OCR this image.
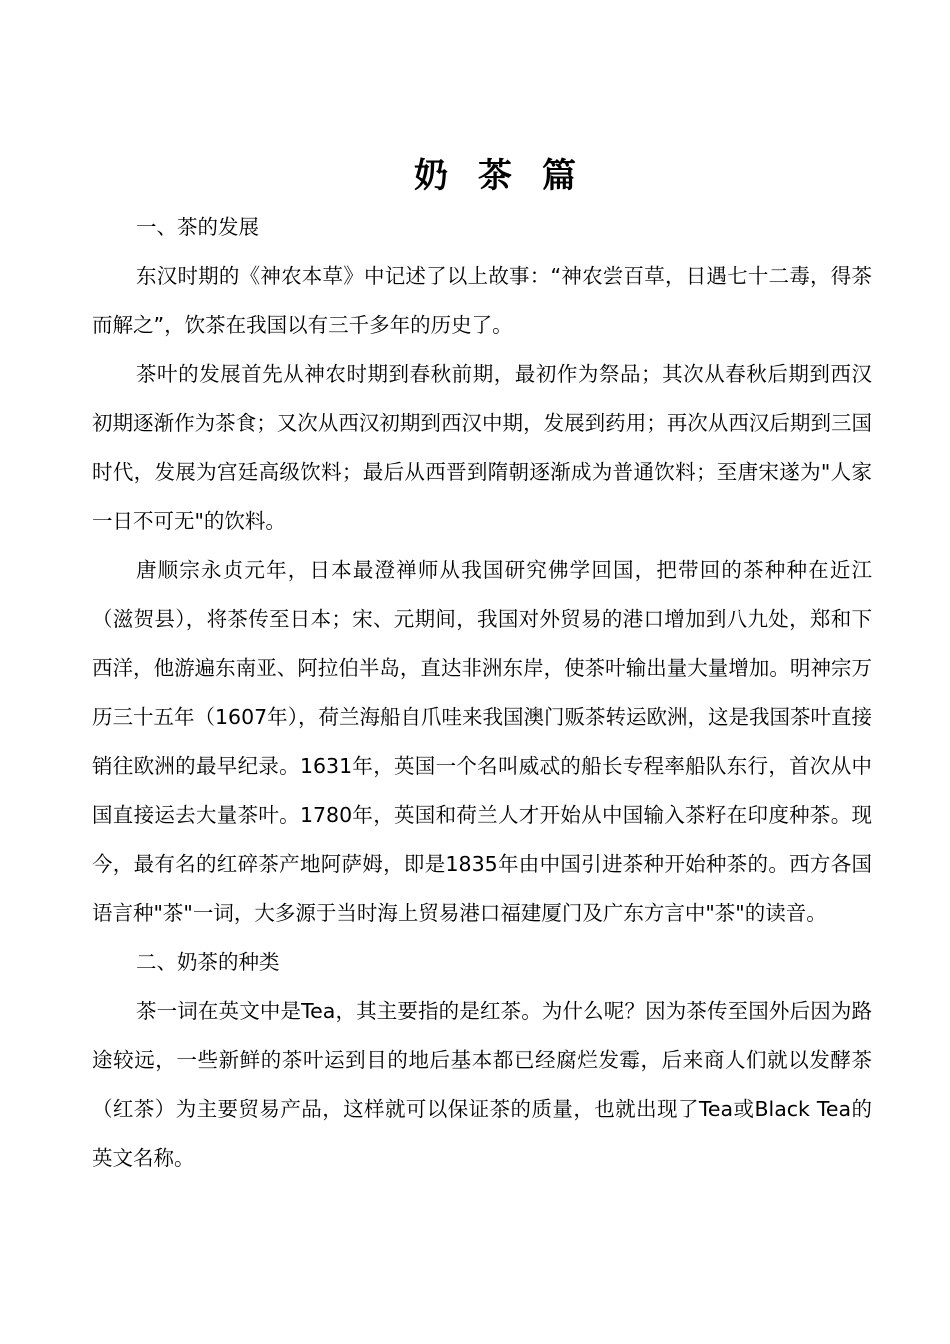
奶茶篇

一、茶的发展

东汉时期的《神农本草》中记述了以上故事：“神农尝百草，日遇七十二毒，得茶而解之”，饮茶在我国以有三千多年的历史了。

茶叶的发展首先从神农时期到春秋前期，最初作为祭品；其次从春秋后期到西汉初期逐渐作为茶食；又次从西汉初期到西汉中期，发展到药用；再次从西汉后期到三国时代，发展为宫廷高级饮料；最后从西晋到隋朝逐渐成为普通饮料；至唐宋遂为"人家一日不可无"的饮料。

唐顺宗永贞元年，日本最澄禅师从我国研究佛学回国，把带回的茶种种在近江（滋贺县），将茶传至日本；宋、元期间，我国对外贸易的港口增加到八九处，郑和下西洋，他游遍东南亚、阿拉伯半岛，直达非洲东岸，使茶叶输出量大量增加。明神宗万历三十五年（1607年），荷兰海船自爪哇来我国澳门贩茶转运欧洲，这是我国茶叶直接销往欧洲的最早纪录。1631年，英国一个名叫威忒的船长专程率船队东行，首次从中国直接运去大量茶叶。1780年，英国和荷兰人才开始从中国输入茶籽在印度种茶。现今，最有名的红碎茶产地阿萨姆，即是1835年由中国引进茶种开始种茶的。西方各国语言种"茶"一词，大多源于当时海上贸易港口福建厦门及广东方言中"茶"的读音。

二、奶茶的种类

茶一词在英文中是Tea，其主要指的是红茶。为什么呢？因为茶传至国外后因为路途较远，一些新鲜的茶叶运到目的地后基本都已经腐烂发霉，后来商人们就以发酵茶（红茶）为主要贸易产品，这样就可以保证茶的质量，也就出现了Tea或Black Tea的英文名称。
